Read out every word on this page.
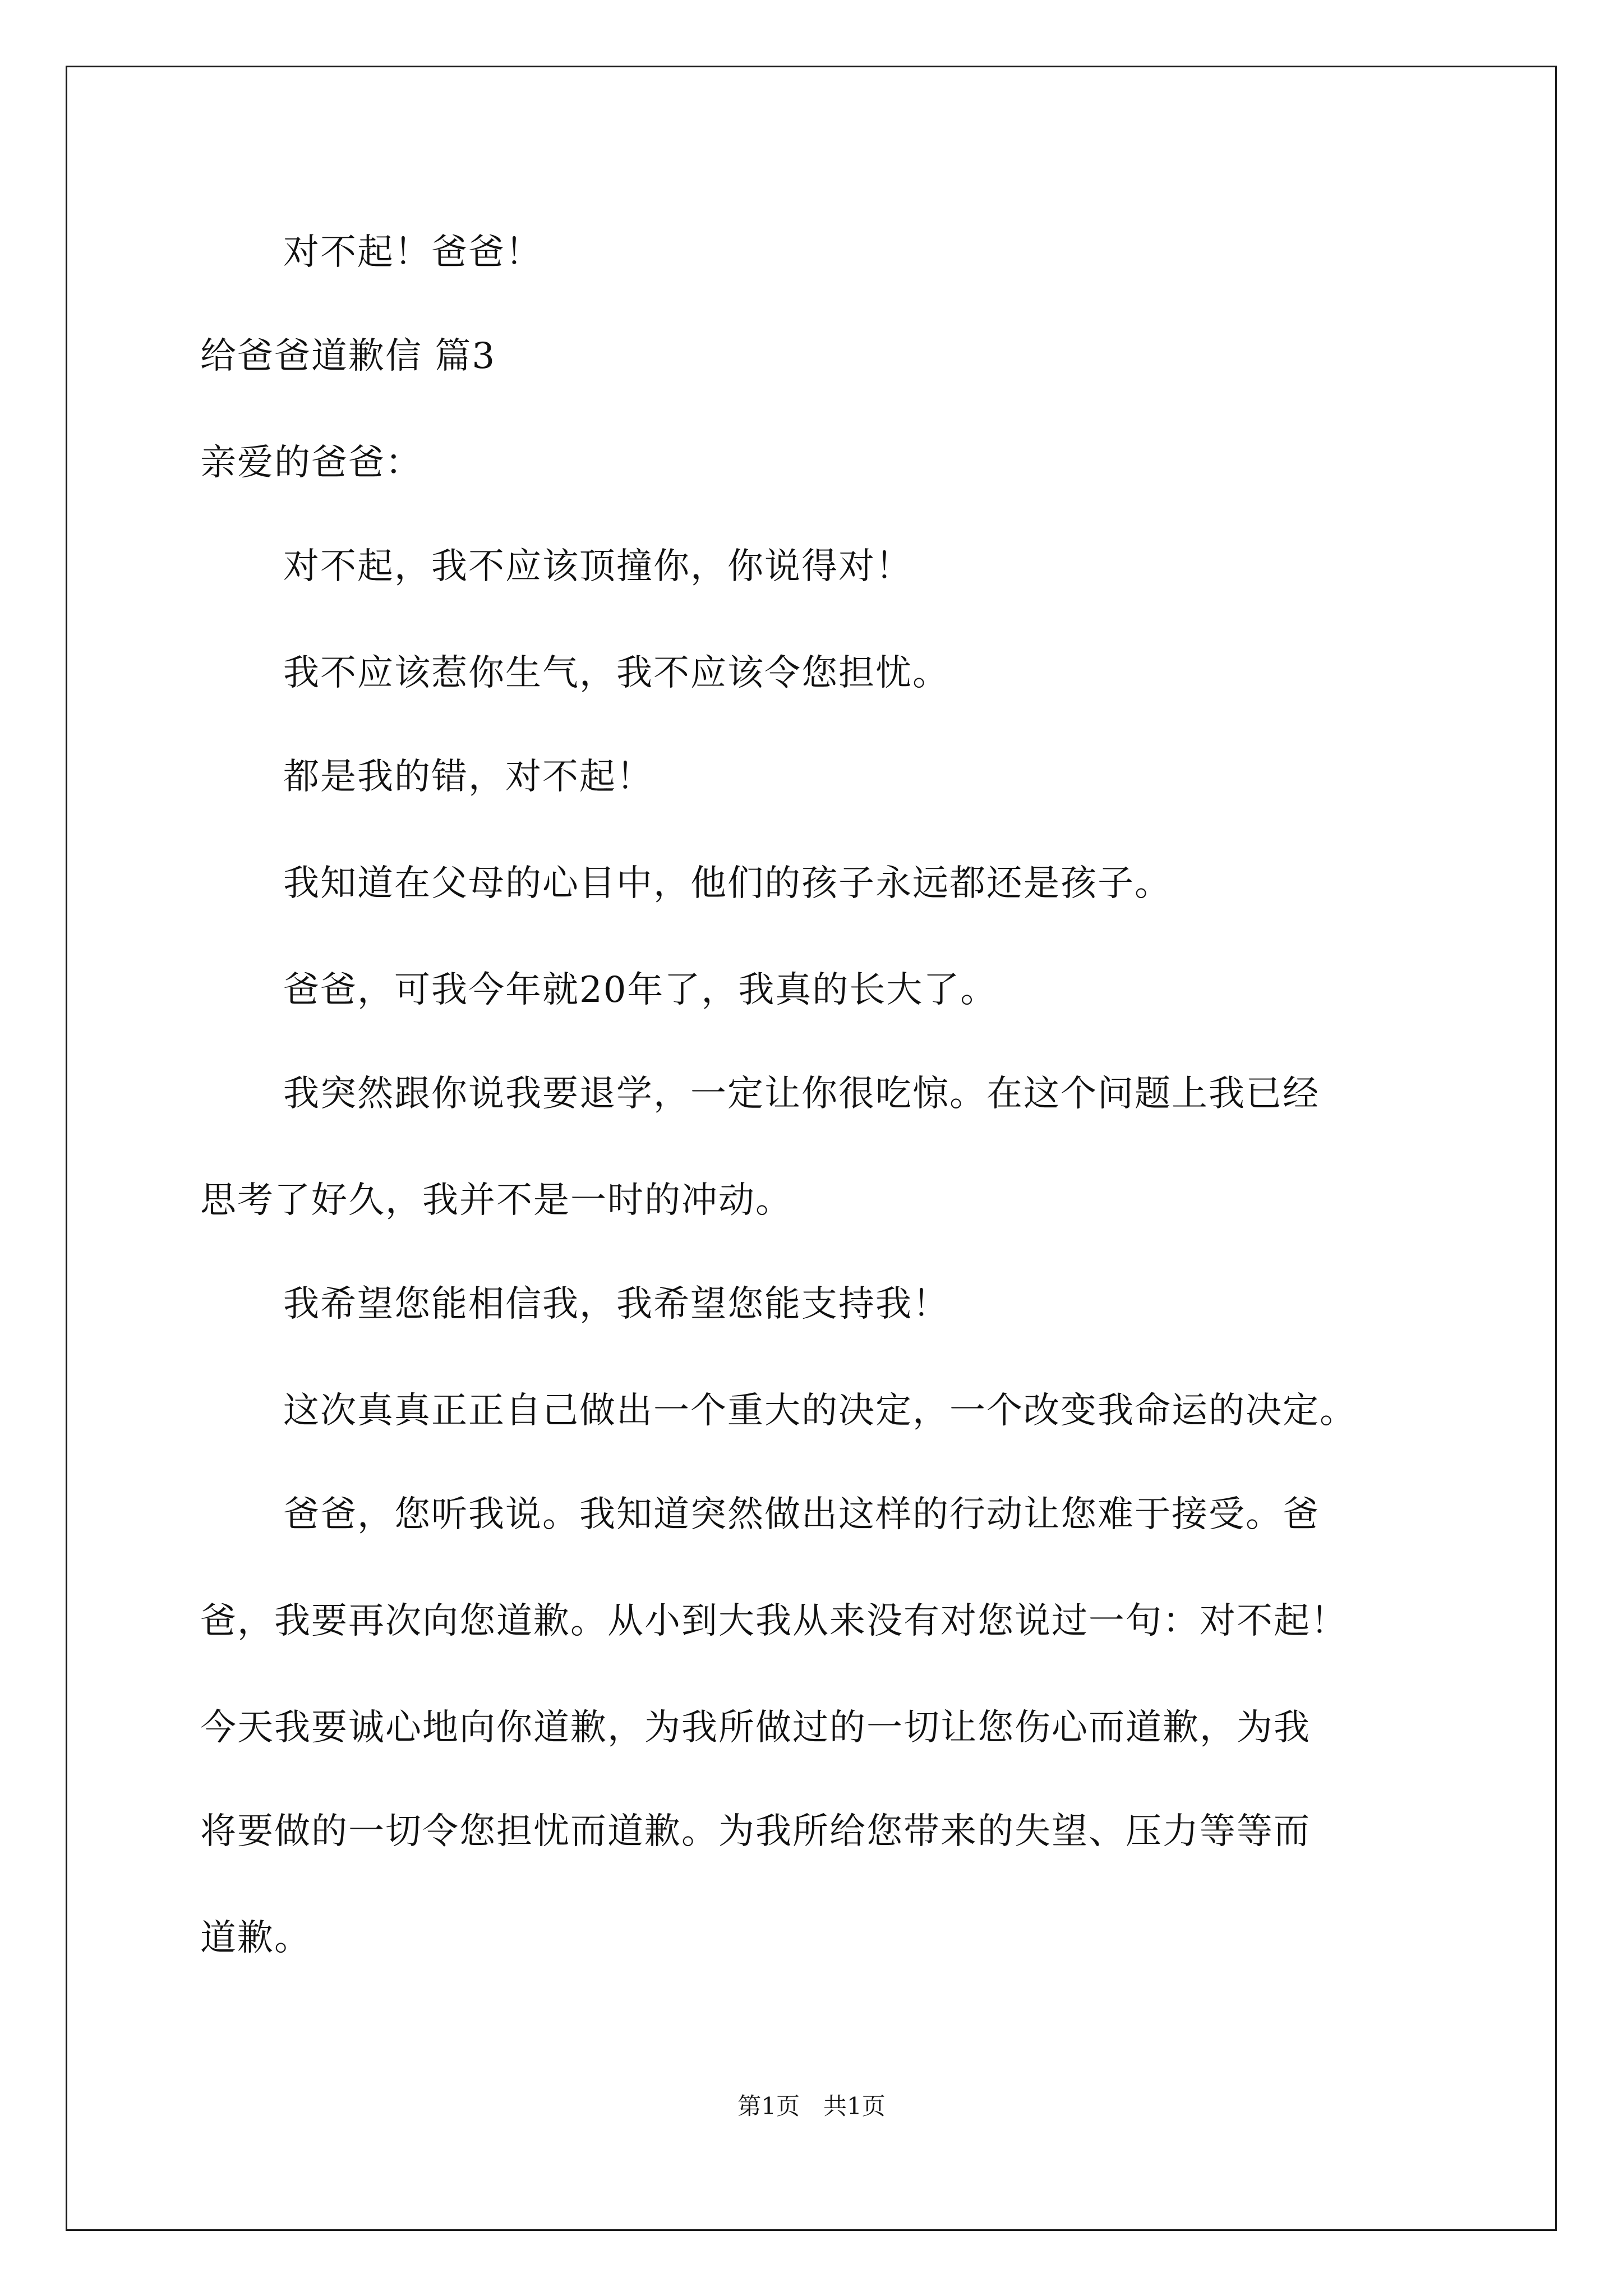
对不起！爸爸！
给爸爸道歉信 篇3
亲爱的爸爸：
对不起，我不应该顶撞你，你说得对！
我不应该惹你生气，我不应该令您担忧。
都是我的错，对不起！
我知道在父母的心目中，他们的孩子永远都还是孩子。
爸爸，可我今年就20年了，我真的长大了。
我突然跟你说我要退学，一定让你很吃惊。在这个问题上我已经
思考了好久，我并不是一时的冲动。
我希望您能相信我，我希望您能支持我！
这次真真正正自己做出一个重大的决定，一个改变我命运的决定。
爸爸，您听我说。我知道突然做出这样的行动让您难于接受。爸
爸，我要再次向您道歉。从小到大我从来没有对您说过一句：对不起！
今天我要诚心地向你道歉，为我所做过的一切让您伤心而道歉，为我
将要做的一切令您担忧而道歉。为我所给您带来的失望、压力等等而
道歉。
第1页　共1页
